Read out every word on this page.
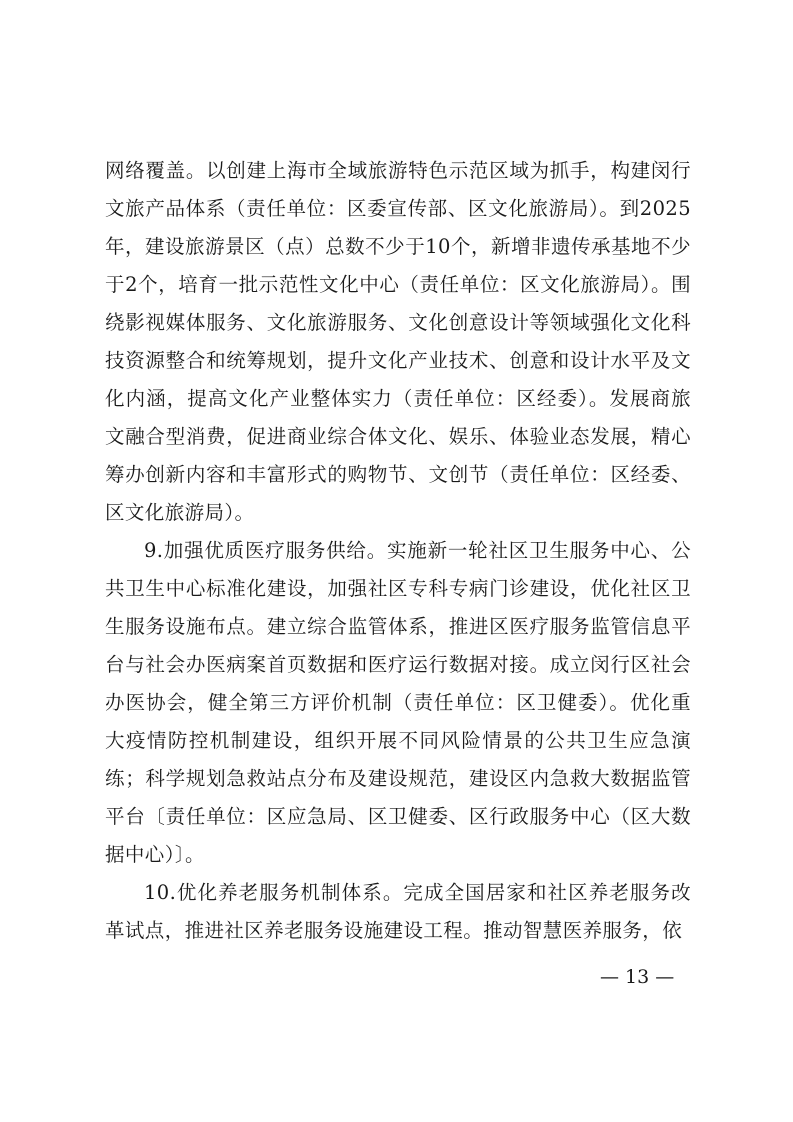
网络覆盖。以创建上海市全域旅游特色示范区域为抓手，构建闵行文旅产品体系（责任单位：区委宣传部、区文化旅游局）。到2025年，建设旅游景区（点）总数不少于10个，新增非遗传承基地不少于2个，培育一批示范性文化中心（责任单位：区文化旅游局）。围绕影视媒体服务、文化旅游服务、文化创意设计等领域强化文化科技资源整合和统筹规划，提升文化产业技术、创意和设计水平及文化内涵，提高文化产业整体实力（责任单位：区经委）。发展商旅文融合型消费，促进商业综合体文化、娱乐、体验业态发展，精心筹办创新内容和丰富形式的购物节、文创节（责任单位：区经委、区文化旅游局）。

9.加强优质医疗服务供给。实施新一轮社区卫生服务中心、公共卫生中心标准化建设，加强社区专科专病门诊建设，优化社区卫生服务设施布点。建立综合监管体系，推进区医疗服务监管信息平台与社会办医病案首页数据和医疗运行数据对接。成立闵行区社会办医协会，健全第三方评价机制（责任单位：区卫健委）。优化重大疫情防控机制建设，组织开展不同风险情景的公共卫生应急演练；科学规划急救站点分布及建设规范，建设区内急救大数据监管平台〔责任单位：区应急局、区卫健委、区行政服务中心（区大数据中心）〕。

10.优化养老服务机制体系。完成全国居家和社区养老服务改革试点，推进社区养老服务设施建设工程。推动智慧医养服务，依

— 13 —
